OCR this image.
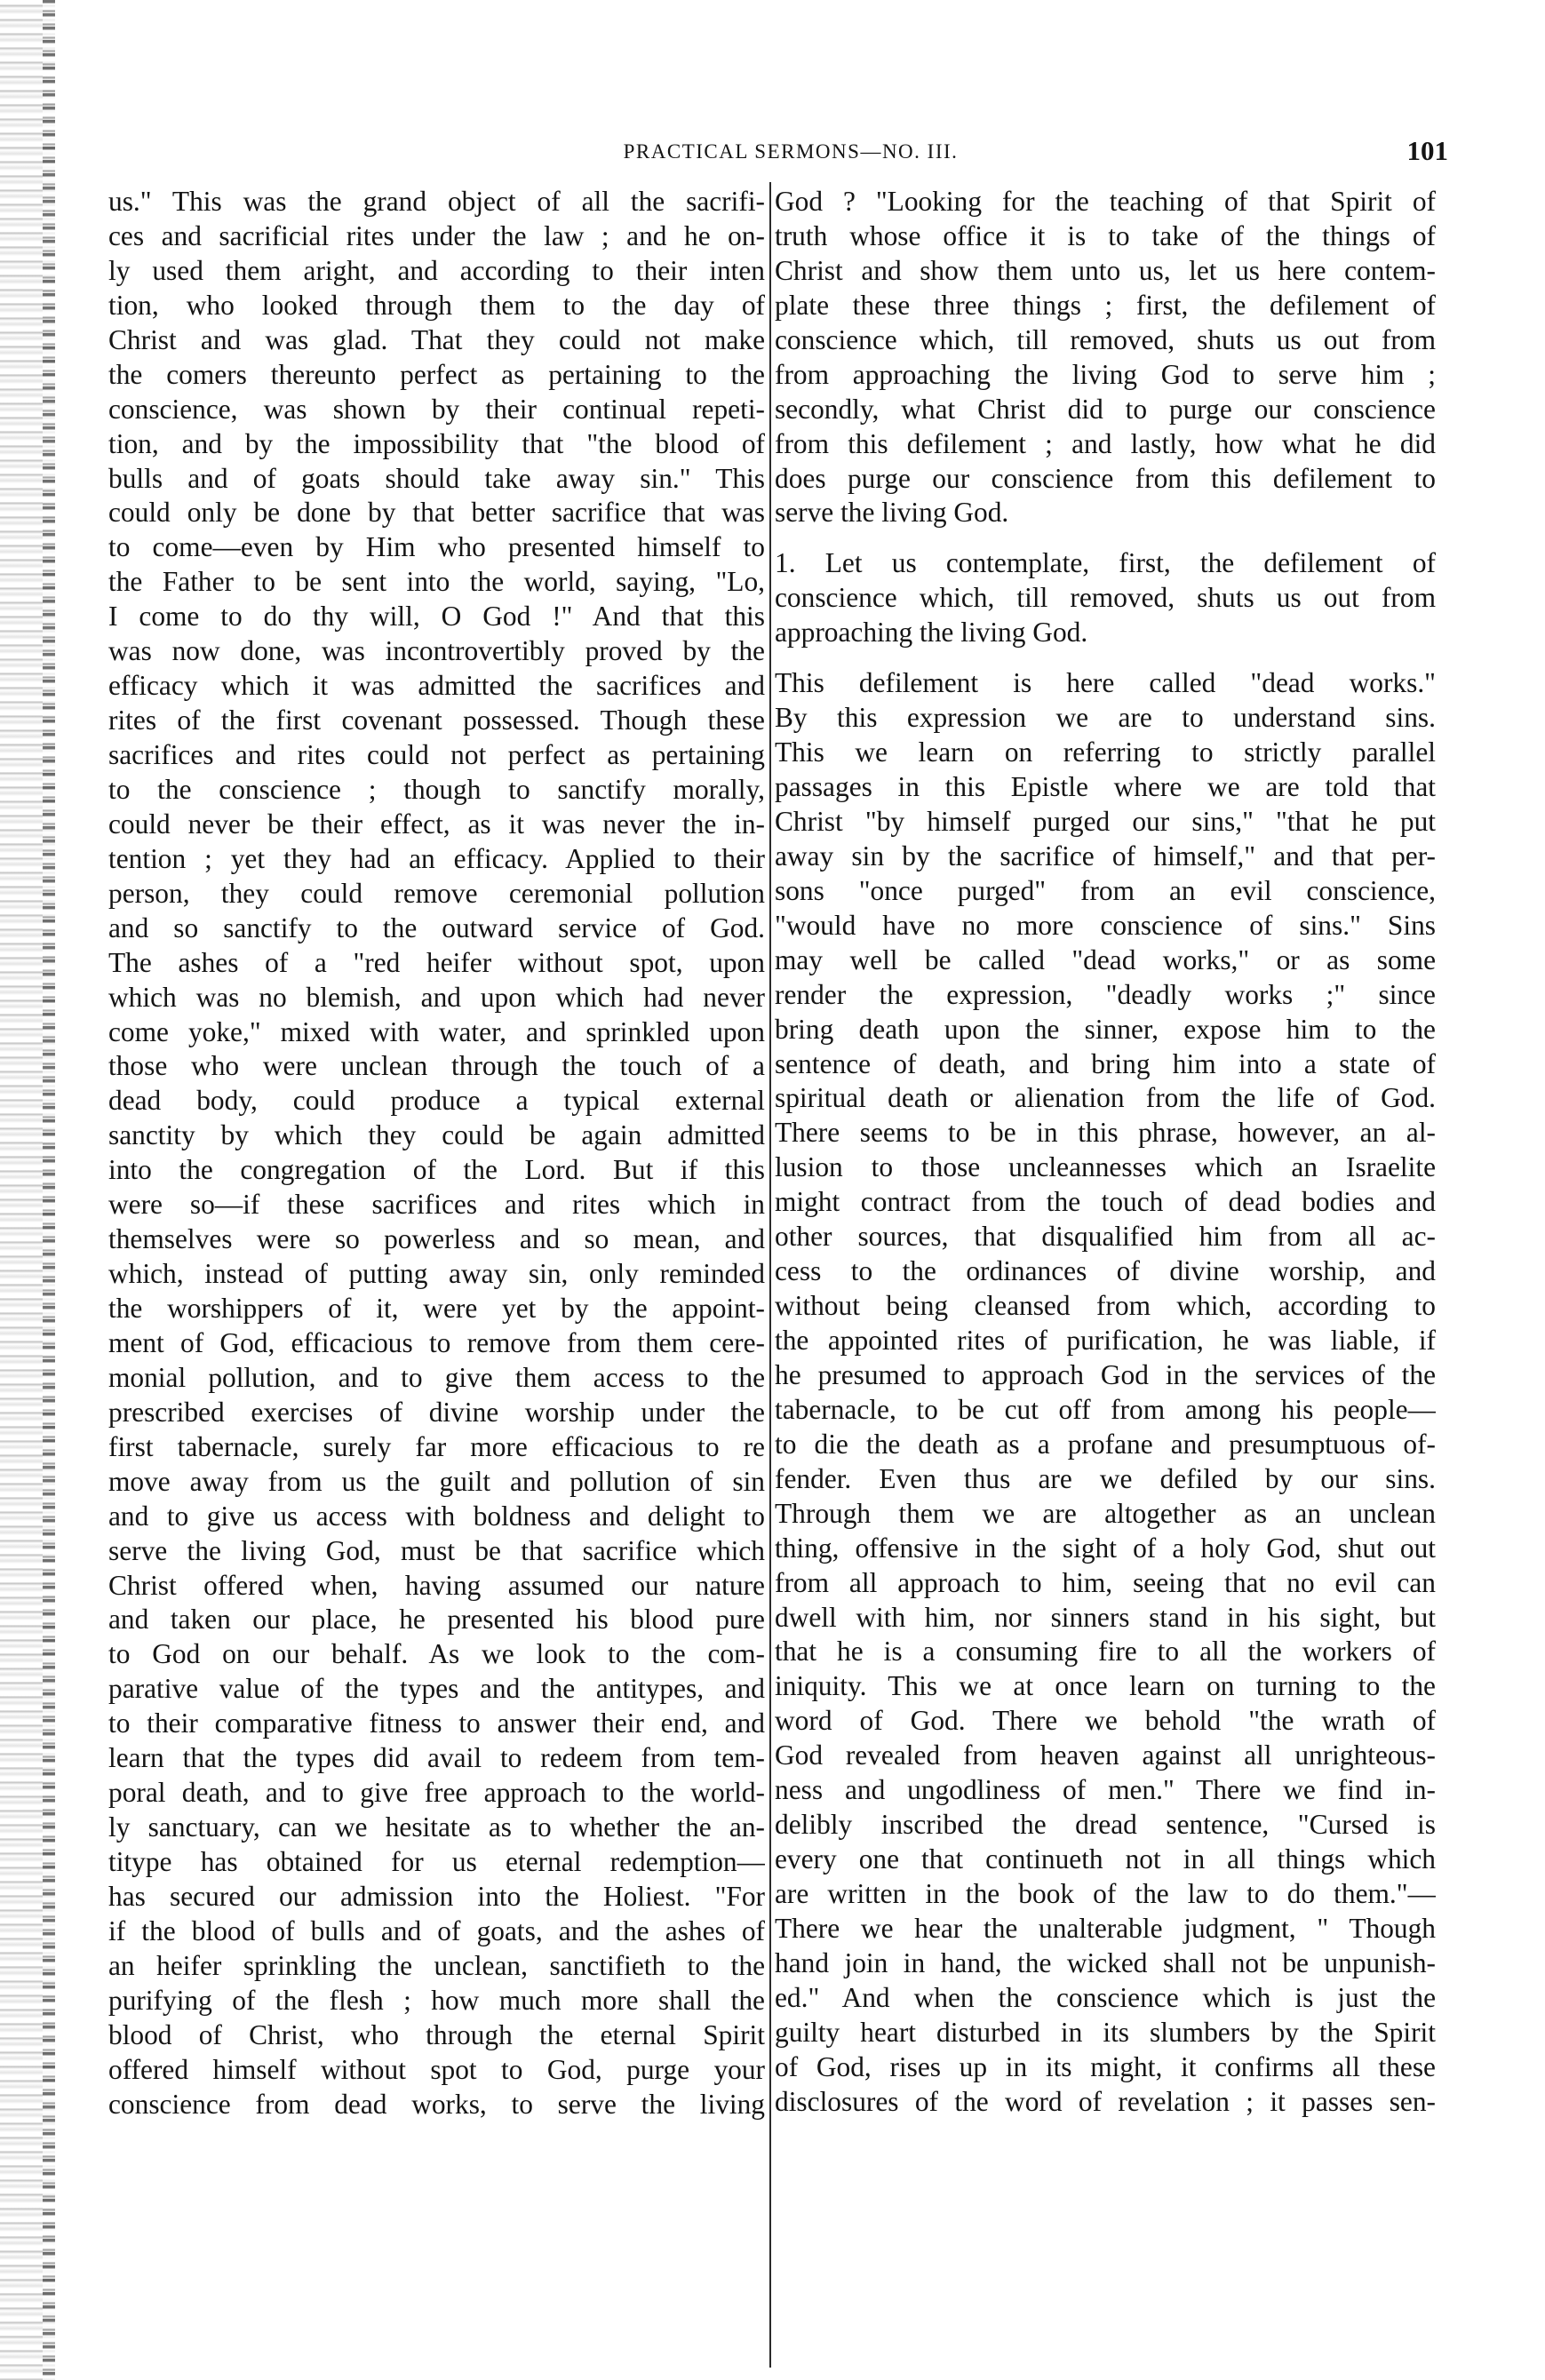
PRACTICAL SERMONS—NO. III.	101
us." This was the grand object of all the sacrifi-
ces and sacrificial rites under the law ; and he on-
ly used them aright, and according to their inten
tion, who looked through them to the day of
Christ and was glad. That they could not make
the comers thereunto perfect as pertaining to the
conscience, was shown by their continual repeti-
tion, and by the impossibility that "the blood of
bulls and of goats should take away sin." This
could only be done by that better sacrifice that was
to come—even by Him who presented himself to
the Father to be sent into the world, saying, "Lo,
I come to do thy will, O God !" And that this
was now done, was incontrovertibly proved by the
efficacy which it was admitted the sacrifices and
rites of the first covenant possessed. Though these
sacrifices and rites could not perfect as pertaining
to the conscience ; though to sanctify morally,
could never be their effect, as it was never the in-
tention ; yet they had an efficacy. Applied to their
person, they could remove ceremonial pollution
and so sanctify to the outward service of God.
The ashes of a "red heifer without spot, upon
which was no blemish, and upon which had never
come yoke," mixed with water, and sprinkled upon
those who were unclean through the touch of a
dead body, could produce a typical external
sanctity by which they could be again admitted
into the congregation of the Lord. But if this
were so—if these sacrifices and rites which in
themselves were so powerless and so mean, and
which, instead of putting away sin, only reminded
the worshippers of it, were yet by the appoint-
ment of God, efficacious to remove from them cere-
monial pollution, and to give them access to the
prescribed exercises of divine worship under the
first tabernacle, surely far more efficacious to re
move away from us the guilt and pollution of sin
and to give us access with boldness and delight to
serve the living God, must be that sacrifice which
Christ offered when, having assumed our nature
and taken our place, he presented his blood pure
to God on our behalf. As we look to the com-
parative value of the types and the antitypes, and
to their comparative fitness to answer their end, and
learn that the types did avail to redeem from tem-
poral death, and to give free approach to the world-
ly sanctuary, can we hesitate as to whether the an-
titype has obtained for us eternal redemption—
has secured our admission into the Holiest. "For
if the blood of bulls and of goats, and the ashes of
an heifer sprinkling the unclean, sanctifieth to the
purifying of the flesh ; how much more shall the
blood of Christ, who through the eternal Spirit
offered himself without spot to God, purge your
conscience from dead works, to serve the living
God ? "Looking for the teaching of that Spirit of
truth whose office it is to take of the things of
Christ and show them unto us, let us here contem-
plate these three things ; first, the defilement of
conscience which, till removed, shuts us out from
from approaching the living God to serve him ;
secondly, what Christ did to purge our conscience
from this defilement ; and lastly, how what he did
does purge our conscience from this defilement to
serve the living God.
1. Let us contemplate, first, the defilement of
conscience which, till removed, shuts us out from
approaching the living God.
This defilement is here called "dead works."
By this expression we are to understand sins.
This we learn on referring to strictly parallel
passages in this Epistle where we are told that
Christ "by himself purged our sins," "that he put
away sin by the sacrifice of himself," and that per-
sons "once purged" from an evil conscience,
"would have no more conscience of sins." Sins
may well be called "dead works," or as some
render the expression, "deadly works ;" since
bring death upon the sinner, expose him to the
sentence of death, and bring him into a state of
spiritual death or alienation from the life of God.
There seems to be in this phrase, however, an al-
lusion to those uncleannesses which an Israelite
might contract from the touch of dead bodies and
other sources, that disqualified him from all ac-
cess to the ordinances of divine worship, and
without being cleansed from which, according to
the appointed rites of purification, he was liable, if
he presumed to approach God in the services of the
tabernacle, to be cut off from among his people—
to die the death as a profane and presumptuous of-
fender. Even thus are we defiled by our sins.
Through them we are altogether as an unclean
thing, offensive in the sight of a holy God, shut out
from all approach to him, seeing that no evil can
dwell with him, nor sinners stand in his sight, but
that he is a consuming fire to all the workers of
iniquity. This we at once learn on turning to the
word of God. There we behold "the wrath of
God revealed from heaven against all unrighteous-
ness and ungodliness of men." There we find in-
delibly inscribed the dread sentence, "Cursed is
every one that continueth not in all things which
are written in the book of the law to do them."—
There we hear the unalterable judgment, " Though
hand join in hand, the wicked shall not be unpunish-
ed." And when the conscience which is just the
guilty heart disturbed in its slumbers by the Spirit
of God, rises up in its might, it confirms all these
disclosures of the word of revelation ; it passes sen-
